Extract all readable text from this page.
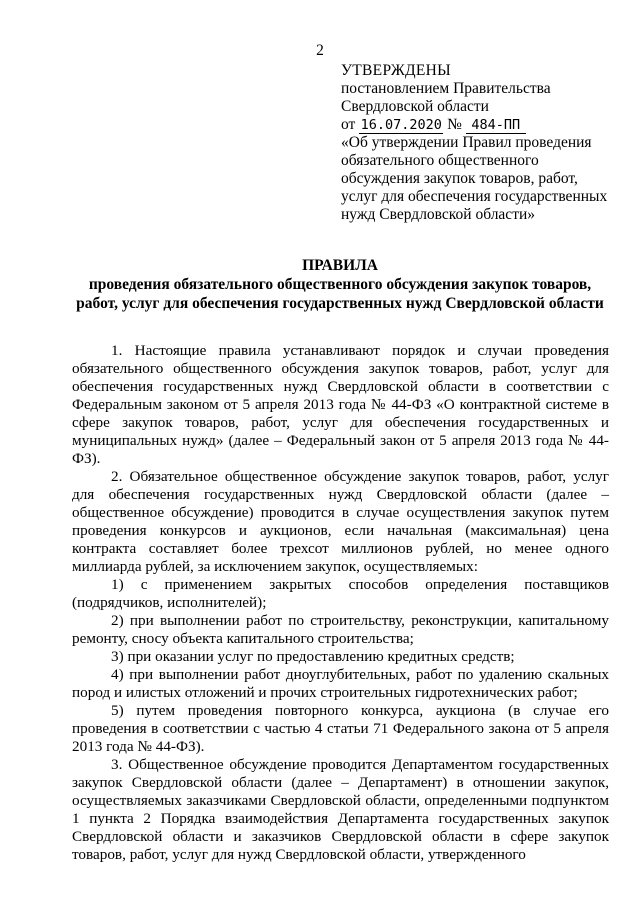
2
УТВЕРЖДЕНЫ
постановлением Правительства
Свердловской области
от 16.07.2020 № 484-ПП
«Об утверждении Правил проведения
обязательного общественного
обсуждения закупок товаров, работ,
услуг для обеспечения государственных
нужд Свердловской области»
ПРАВИЛА
проведения обязательного общественного обсуждения закупок товаров,
работ, услуг для обеспечения государственных нужд Свердловской области

1. Настоящие правила устанавливают порядок и случаи проведения обязательного общественного обсуждения закупок товаров, работ, услуг для обеспечения государственных нужд Свердловской области в соответствии с Федеральным законом от 5 апреля 2013 года № 44-ФЗ «О контрактной системе в сфере закупок товаров, работ, услуг для обеспечения государственных и муниципальных нужд» (далее – Федеральный закон от 5 апреля 2013 года № 44-ФЗ).

2. Обязательное общественное обсуждение закупок товаров, работ, услуг для обеспечения государственных нужд Свердловской области (далее – общественное обсуждение) проводится в случае осуществления закупок путем проведения конкурсов и аукционов, если начальная (максимальная) цена контракта составляет более трехсот миллионов рублей, но менее одного миллиарда рублей, за исключением закупок, осуществляемых:

1) с применением закрытых способов определения поставщиков (подрядчиков, исполнителей);

2) при выполнении работ по строительству, реконструкции, капитальному ремонту, сносу объекта капитального строительства;

3) при оказании услуг по предоставлению кредитных средств;

4) при выполнении работ дноуглубительных, работ по удалению скальных пород и илистых отложений и прочих строительных гидротехнических работ;

5) путем проведения повторного конкурса, аукциона (в случае его проведения в соответствии с частью 4 статьи 71 Федерального закона от 5 апреля 2013 года № 44-ФЗ).

3. Общественное обсуждение проводится Департаментом государственных закупок Свердловской области (далее – Департамент) в отношении закупок, осуществляемых заказчиками Свердловской области, определенными подпунктом 1 пункта 2 Порядка взаимодействия Департамента государственных закупок Свердловской области и заказчиков Свердловской области в сфере закупок товаров, работ, услуг для нужд Свердловской области, утвержденного
